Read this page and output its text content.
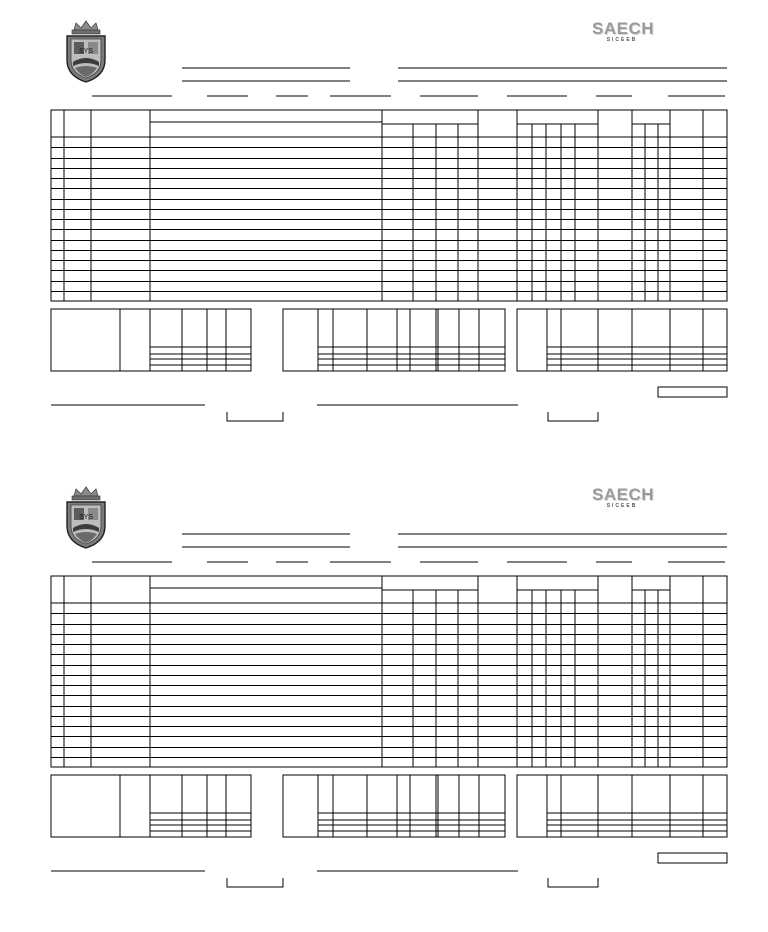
SAECH
SICEEB
SYS
SAECH
SICEEB
SYS
